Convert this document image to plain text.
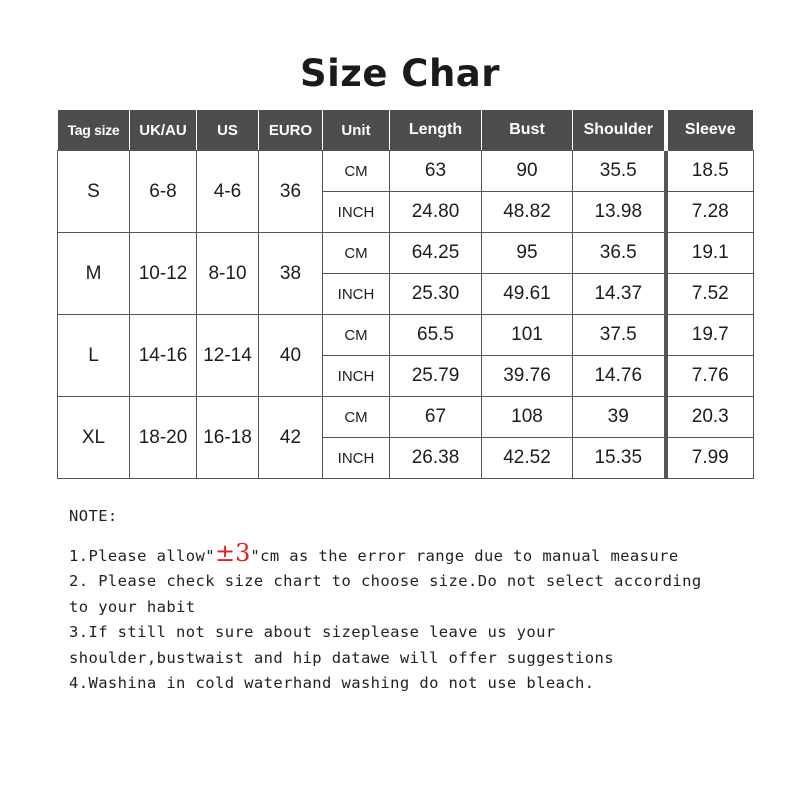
Size Char
Tag size	UK/AU	US	EURO	Unit	Length	Bust	Shoulder	Sleeve
S	6-8	4-6	36	CM	63	90	35.5	18.5
				INCH	24.80	48.82	13.98	7.28
M	10-12	8-10	38	CM	64.25	95	36.5	19.1
				INCH	25.30	49.61	14.37	7.52
L	14-16	12-14	40	CM	65.5	101	37.5	19.7
				INCH	25.79	39.76	14.76	7.76
XL	18-20	16-18	42	CM	67	108	39	20.3
				INCH	26.38	42.52	15.35	7.99
NOTE:
1.Please allow"±3"cm as the error range due to manual measure
2. Please check size chart to choose size.Do not select according
to your habit
3.If still not sure about sizeplease leave us your
shoulder,bustwaist and hip datawe will offer suggestions
4.Washina in cold waterhand washing do not use bleach.
